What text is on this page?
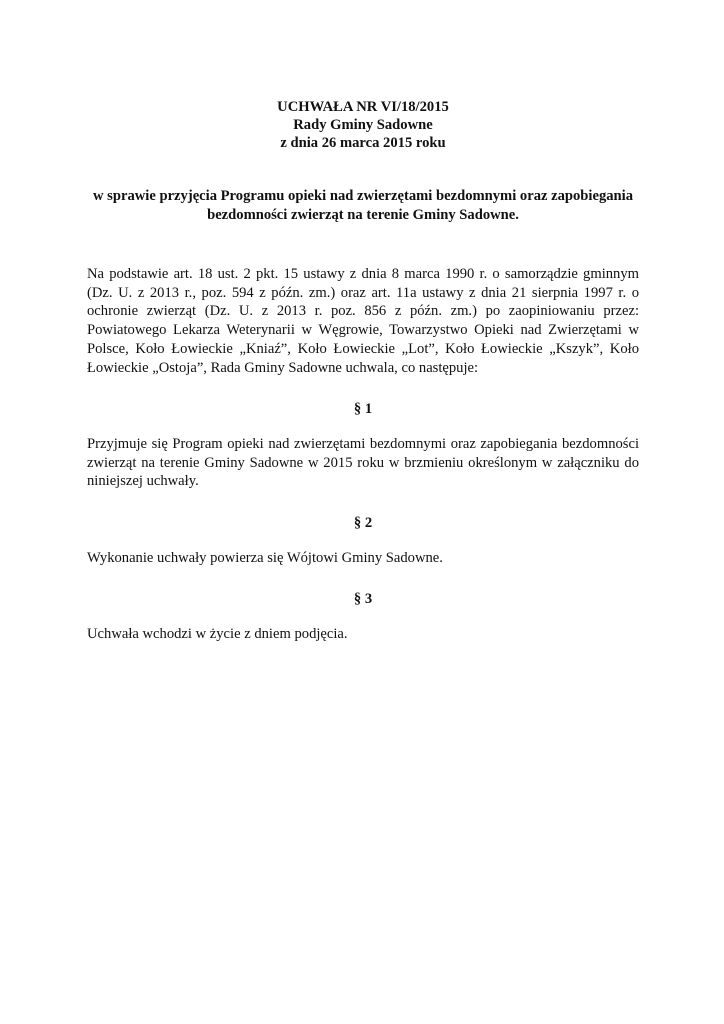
UCHWAŁA NR VI/18/2015
Rady Gminy Sadowne
z dnia 26 marca 2015 roku
w sprawie przyjęcia Programu opieki nad zwierzętami bezdomnymi oraz zapobiegania bezdomności zwierząt na terenie Gminy Sadowne.
Na podstawie art. 18 ust. 2 pkt. 15 ustawy z dnia 8 marca 1990 r. o samorządzie gminnym (Dz. U. z 2013 r., poz. 594 z późn. zm.) oraz art. 11a ustawy z dnia 21 sierpnia 1997 r. o ochronie zwierząt (Dz. U. z 2013 r. poz. 856 z późn. zm.) po zaopiniowaniu przez: Powiatowego Lekarza Weterynarii w Węgrowie, Towarzystwo Opieki nad Zwierzętami w Polsce, Koło Łowieckie „Kniaź”, Koło Łowieckie „Lot”, Koło Łowieckie „Kszyk”, Koło Łowieckie „Ostoja”, Rada Gminy Sadowne uchwala, co następuje:
§ 1
Przyjmuje się Program opieki nad zwierzętami bezdomnymi oraz zapobiegania bezdomności zwierząt na terenie Gminy Sadowne w 2015 roku w brzmieniu określonym w załączniku do niniejszej uchwały.
§ 2
Wykonanie uchwały powierza się Wójtowi Gminy Sadowne.
§ 3
Uchwała wchodzi w życie z dniem podjęcia.
